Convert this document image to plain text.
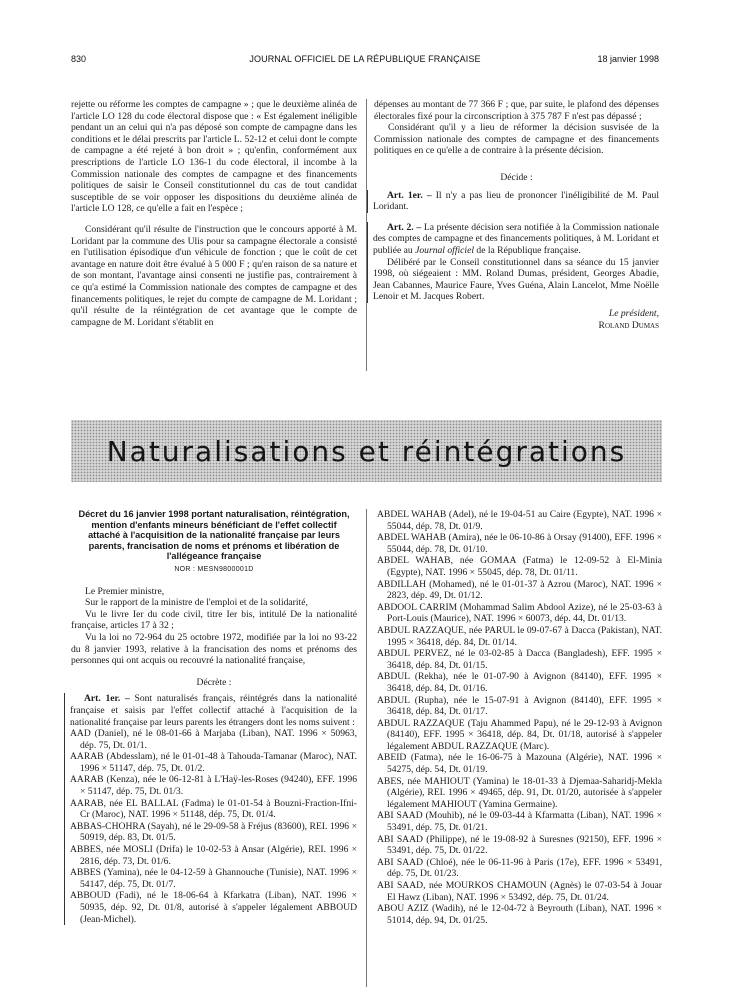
830	JOURNAL OFFICIEL DE LA RÉPUBLIQUE FRANÇAISE	18 janvier 1998

rejette ou réforme les comptes de campagne » ; que le deuxième alinéa de l'article LO 128 du code électoral dispose que : « Est également inéligible pendant un an celui qui n'a pas déposé son compte de campagne dans les conditions et le délai prescrits par l'article L. 52-12 et celui dont le compte de campagne a été rejeté à bon droit » ; qu'enfin, conformément aux prescriptions de l'article LO 136-1 du code électoral, il incombe à la Commission nationale des comptes de campagne et des financements politiques de saisir le Conseil constitutionnel du cas de tout candidat susceptible de se voir opposer les dispositions du deuxième alinéa de l'article LO 128, ce qu'elle a fait en l'espèce ;

Considérant qu'il résulte de l'instruction que le concours apporté à M. Loridant par la commune des Ulis pour sa campagne électorale a consisté en l'utilisation épisodique d'un véhicule de fonction ; que le coût de cet avantage en nature doit être évalué à 5 000 F ; qu'en raison de sa nature et de son montant, l'avantage ainsi consenti ne justifie pas, contrairement à ce qu'a estimé la Commission nationale des comptes de campagne et des financements politiques, le rejet du compte de campagne de M. Loridant ; qu'il résulte de la réintégration de cet avantage que le compte de campagne de M. Loridant s'établit en

dépenses au montant de 77 366 F ; que, par suite, le plafond des dépenses électorales fixé pour la circonscription à 375 787 F n'est pas dépassé ;

Considérant qu'il y a lieu de réformer la décision susvisée de la Commission nationale des comptes de campagne et des financements politiques en ce qu'elle a de contraire à la présente décision.

Décide :

Art. 1er. – Il n'y a pas lieu de prononcer l'inéligibilité de M. Paul Loridant.

Art. 2. – La présente décision sera notifiée à la Commission nationale des comptes de campagne et des financements politiques, à M. Loridant et publiée au Journal officiel de la République française.

Délibéré par le Conseil constitutionnel dans sa séance du 15 janvier 1998, où siégeaient : MM. Roland Dumas, président, Georges Abadie, Jean Cabannes, Maurice Faure, Yves Guéna, Alain Lancelot, Mme Noëlle Lenoir et M. Jacques Robert.

Le président,

Roland Dumas

Naturalisations et réintégrations
Décret du 16 janvier 1998 portant naturalisation, réintégration, mention d'enfants mineurs bénéficiant de l'effet collectif attaché à l'acquisition de la nationalité française par leurs parents, francisation de noms et prénoms et libération de l'allégeance française
NOR : MESN9800001D

Le Premier ministre,

Sur le rapport de la ministre de l'emploi et de la solidarité,

Vu le livre Ier du code civil, titre Ier bis, intitulé De la nationalité française, articles 17 à 32 ;

Vu la loi no 72-964 du 25 octobre 1972, modifiée par la loi no 93-22 du 8 janvier 1993, relative à la francisation des noms et prénoms des personnes qui ont acquis ou recouvré la nationalité française,

Décrète :

Art. 1er. – Sont naturalisés français, réintégrés dans la nationalité française et saisis par l'effet collectif attaché à l'acquisition de la nationalité française par leurs parents les étrangers dont les noms suivent :

AAD (Daniel), né le 08-01-66 à Marjaba (Liban), NAT. 1996 × 50963, dép. 75, Dt. 01/1.

AARAB (Abdesslam), né le 01-01-48 à Tahouda-Tamanar (Maroc), NAT. 1996 × 51147, dép. 75, Dt. 01/2.

AARAB (Kenza), née le 06-12-81 à L'Haÿ-les-Roses (94240), EFF. 1996 × 51147, dép. 75, Dt. 01/3.

AARAB, née EL BALLAL (Fadma) le 01-01-54 à Bouzni-Fraction-Ifni-Cr (Maroc), NAT. 1996 × 51148, dép. 75, Dt. 01/4.

ABBAS-CHOHRA (Sayah), né le 29-09-58 à Fréjus (83600), REI. 1996 × 50919, dép. 83, Dt. 01/5.

ABBES, née MOSLI (Drifa) le 10-02-53 à Ansar (Algérie), REI. 1996 × 2816, dép. 73, Dt. 01/6.

ABBES (Yamina), née le 04-12-59 à Ghannouche (Tunisie), NAT. 1996 × 54147, dép. 75, Dt. 01/7.

ABBOUD (Fadi), né le 18-06-64 à Kfarkatra (Liban), NAT. 1996 × 50935, dép. 92, Dt. 01/8, autorisé à s'appeler légalement ABBOUD (Jean-Michel).

ABDEL WAHAB (Adel), né le 19-04-51 au Caire (Egypte), NAT. 1996 × 55044, dép. 78, Dt. 01/9.

ABDEL WAHAB (Amira), née le 06-10-86 à Orsay (91400), EFF. 1996 × 55044, dép. 78, Dt. 01/10.

ABDEL WAHAB, née GOMAA (Fatma) le 12-09-52 à El-Minia (Egypte), NAT. 1996 × 55045, dép. 78, Dt. 01/11.

ABDILLAH (Mohamed), né le 01-01-37 à Azrou (Maroc), NAT. 1996 × 2823, dép. 49, Dt. 01/12.

ABDOOL CARRIM (Mohammad Salim Abdool Azize), né le 25-03-63 à Port-Louis (Maurice), NAT. 1996 × 60073, dép. 44, Dt. 01/13.

ABDUL RAZZAQUE, née PARUL le 09-07-67 à Dacca (Pakistan), NAT. 1995 × 36418, dép. 84, Dt. 01/14.

ABDUL PERVEZ, né le 03-02-85 à Dacca (Bangladesh), EFF. 1995 × 36418, dép. 84, Dt. 01/15.

ABDUL (Rekha), née le 01-07-90 à Avignon (84140), EFF. 1995 × 36418, dép. 84, Dt. 01/16.

ABDUL (Rupha), née le 15-07-91 à Avignon (84140), EFF. 1995 × 36418, dép. 84, Dt. 01/17.

ABDUL RAZZAQUE (Taju Ahammed Papu), né le 29-12-93 à Avignon (84140), EFF. 1995 × 36418, dép. 84, Dt. 01/18, autorisé à s'appeler légalement ABDUL RAZZAQUE (Marc).

ABEID (Fatma), née le 16-06-75 à Mazouna (Algérie), NAT. 1996 × 54275, dép. 54, Dt. 01/19.

ABES, née MAHIOUT (Yamina) le 18-01-33 à Djemaa-Saharidj-Mekla (Algérie), REI. 1996 × 49465, dép. 91, Dt. 01/20, autorisée à s'appeler légalement MAHIOUT (Yamina Germaine).

ABI SAAD (Mouhib), né le 09-03-44 à Kfarmatta (Liban), NAT. 1996 × 53491, dép. 75, Dt. 01/21.

ABI SAAD (Philippe), né le 19-08-92 à Suresnes (92150), EFF. 1996 × 53491, dép. 75, Dt. 01/22.

ABI SAAD (Chloé), née le 06-11-96 à Paris (17e), EFF. 1996 × 53491, dép. 75, Dt. 01/23.

ABI SAAD, née MOURKOS CHAMOUN (Agnès) le 07-03-54 à Jouar El Hawz (Liban), NAT. 1996 × 53492, dép. 75, Dt. 01/24.

ABOU AZIZ (Wadih), né le 12-04-72 à Beyrouth (Liban), NAT. 1996 × 51014, dép. 94, Dt. 01/25.
